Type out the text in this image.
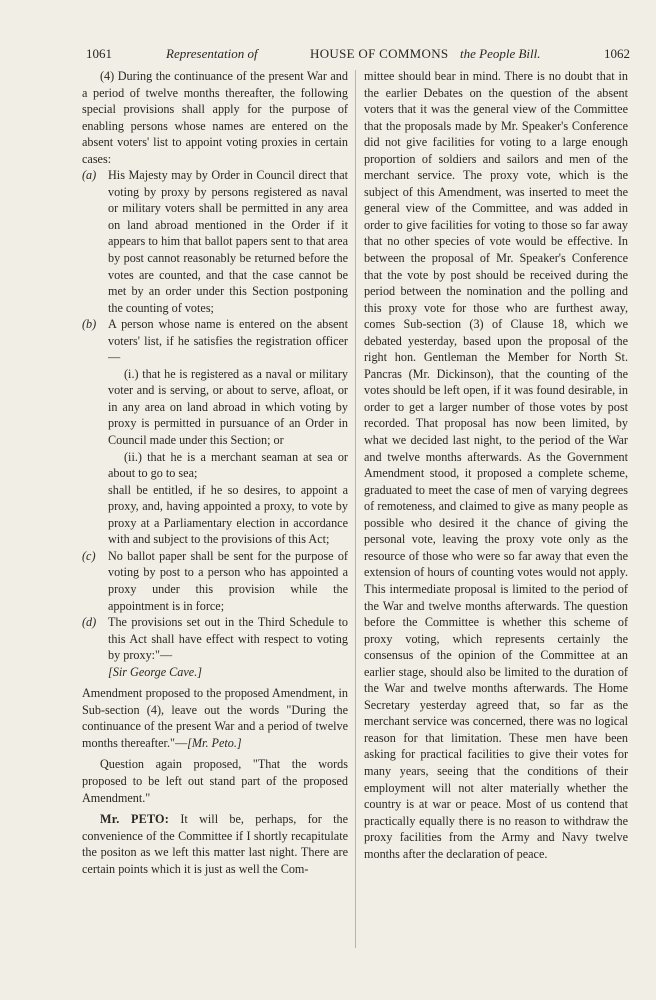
1061	Representation of	HOUSE OF COMMONS the People Bill.	1062

(4) During the continuance of the present War and a period of twelve months thereafter, the following special provisions shall apply for the purpose of enabling persons whose names are entered on the absent voters' list to appoint voting proxies in certain cases:

(a) His Majesty may by Order in Council direct that voting by proxy by persons registered as naval or military voters shall be permitted in any area on land abroad mentioned in the Order if it appears to him that ballot papers sent to that area by post cannot reasonably be returned before the votes are counted, and that the case cannot be met by an order under this Section postponing the counting of votes;

(b) A person whose name is entered on the absent voters' list, if he satisfies the registration officer—

(i.) that he is registered as a naval or military voter and is serving, or about to serve, afloat, or in any area on land abroad in which voting by proxy is permitted in pursuance of an Order in Council made under this Section; or

(ii.) that he is a merchant seaman at sea or about to go to sea;

shall be entitled, if he so desires, to appoint a proxy, and, having appointed a proxy, to vote by proxy at a Parliamentary election in accordance with and subject to the provisions of this Act;

(c) No ballot paper shall be sent for the purpose of voting by post to a person who has appointed a proxy under this provision while the appointment is in force;

(d) The provisions set out in the Third Schedule to this Act shall have effect with respect to voting by proxy:"—

[Sir George Cave.]

Amendment proposed to the proposed Amendment, in Sub-section (4), leave out the words "During the continuance of the present War and a period of twelve months thereafter."—[Mr. Peto.]

Question again proposed, "That the words proposed to be left out stand part of the proposed Amendment."

Mr. PETO: It will be, perhaps, for the convenience of the Committee if I shortly recapitulate the positon as we left this matter last night. There are certain points which it is just as well the Com-

mittee should bear in mind. There is no doubt that in the earlier Debates on the question of the absent voters that it was the general view of the Committee that the proposals made by Mr. Speaker's Conference did not give facilities for voting to a large enough proportion of soldiers and sailors and men of the merchant service. The proxy vote, which is the subject of this Amendment, was inserted to meet the general view of the Committee, and was added in order to give facilities for voting to those so far away that no other species of vote would be effective. In between the proposal of Mr. Speaker's Conference that the vote by post should be received during the period between the nomination and the polling and this proxy vote for those who are furthest away, comes Sub-section (3) of Clause 18, which we debated yesterday, based upon the proposal of the right hon. Gentleman the Member for North St. Pancras (Mr. Dickinson), that the counting of the votes should be left open, if it was found desirable, in order to get a larger number of those votes by post recorded. That proposal has now been limited, by what we decided last night, to the period of the War and twelve months afterwards. As the Government Amendment stood, it proposed a complete scheme, graduated to meet the case of men of varying degrees of remoteness, and claimed to give as many people as possible who desired it the chance of giving the personal vote, leaving the proxy vote only as the resource of those who were so far away that even the extension of hours of counting votes would not apply. This intermediate proposal is limited to the period of the War and twelve months afterwards. The question before the Committee is whether this scheme of proxy voting, which represents certainly the consensus of the opinion of the Committee at an earlier stage, should also be limited to the duration of the War and twelve months afterwards. The Home Secretary yesterday agreed that, so far as the merchant service was concerned, there was no logical reason for that limitation. These men have been asking for practical facilities to give their votes for many years, seeing that the conditions of their employment will not alter materially whether the country is at war or peace. Most of us contend that practically equally there is no reason to withdraw the proxy facilities from the Army and Navy twelve months after the declaration of peace.
